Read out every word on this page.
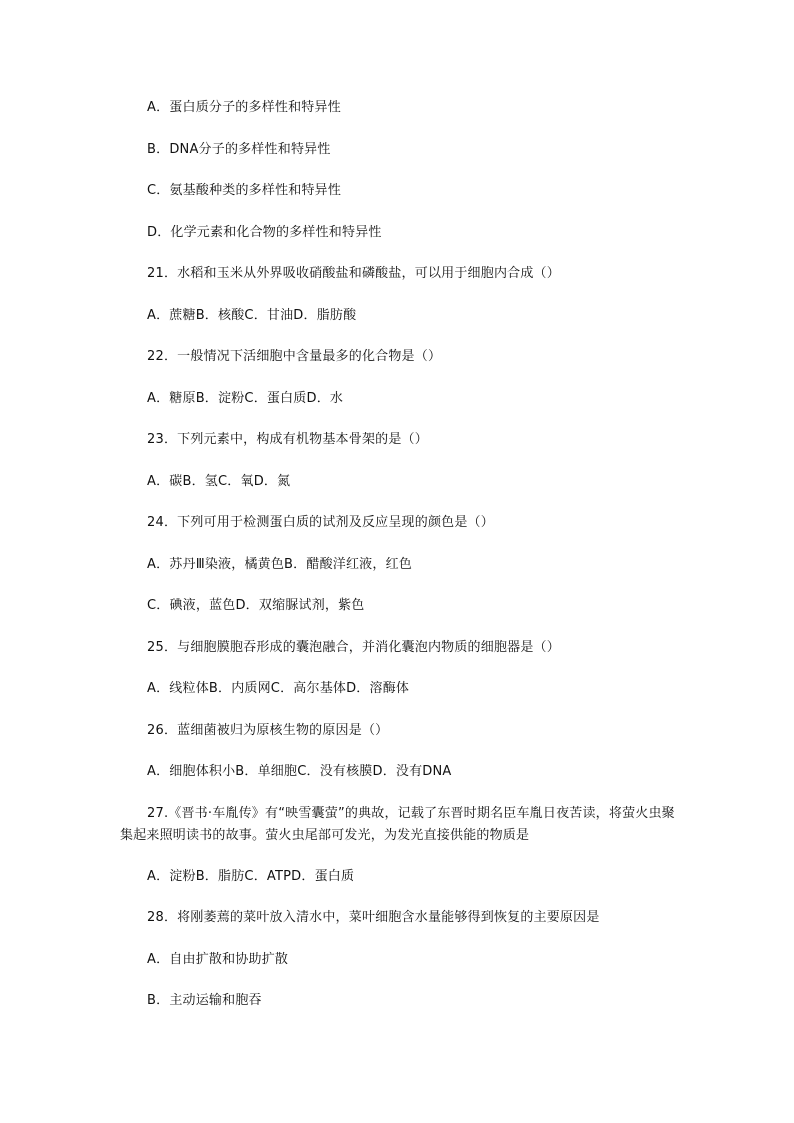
A．蛋白质分子的多样性和特异性
B．DNA分子的多样性和特异性
C．氨基酸种类的多样性和特异性
D．化学元素和化合物的多样性和特异性
21．水稻和玉米从外界吸收硝酸盐和磷酸盐，可以用于细胞内合成（）
A．蔗糖B．核酸C．甘油D．脂肪酸
22．一般情况下活细胞中含量最多的化合物是（）
A．糖原B．淀粉C．蛋白质D．水
23．下列元素中，构成有机物基本骨架的是（）
A．碳B．氢C．氧D．氮
24．下列可用于检测蛋白质的试剂及反应呈现的颜色是（）
A．苏丹Ⅲ染液，橘黄色B．醋酸洋红液，红色
C．碘液，蓝色D．双缩脲试剂，紫色
25．与细胞膜胞吞形成的囊泡融合，并消化囊泡内物质的细胞器是（）
A．线粒体B．内质网C．高尔基体D．溶酶体
26．蓝细菌被归为原核生物的原因是（）
A．细胞体积小B．单细胞C．没有核膜D．没有DNA
27.《晋书·车胤传》有“映雪囊萤”的典故，记载了东晋时期名臣车胤日夜苦读，将萤火虫聚集起来照明读书的故事。萤火虫尾部可发光，为发光直接供能的物质是
A．淀粉B．脂肪C．ATPD．蛋白质
28．将刚萎蔫的菜叶放入清水中，菜叶细胞含水量能够得到恢复的主要原因是
A．自由扩散和协助扩散
B．主动运输和胞吞
